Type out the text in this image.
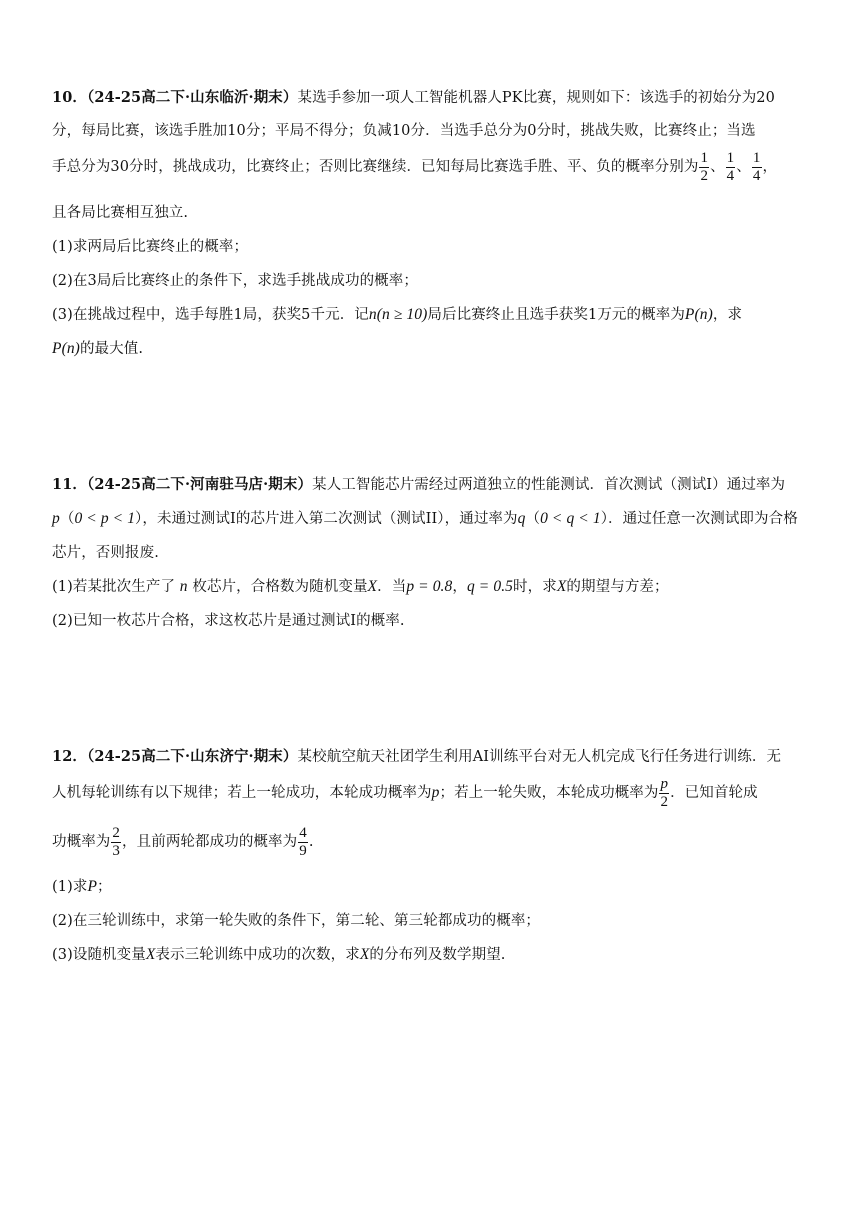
10．（24-25高二下·山东临沂·期末）某选手参加一项人工智能机器人PK比赛，规则如下：该选手的初始分为20
分，每局比赛，该选手胜加10分；平局不得分；负减10分．当选手总分为0分时，挑战失败，比赛终止；当选
手总分为30分时，挑战成功，比赛终止；否则比赛继续．已知每局比赛选手胜、平、负的概率分别为 $\frac{1}{2}$ 、 $\frac{1}{4}$ 、 $\frac{1}{4}$ ，
且各局比赛相互独立.
(1)求两局后比赛终止的概率；
(2)在3局后比赛终止的条件下，求选手挑战成功的概率；
(3)在挑战过程中，选手每胜1局，获奖5千元．记n(n ≥ 10)局后比赛终止且选手获奖1万元的概率为P(n)，求
P(n)的最大值.
11．（24-25高二下·河南驻马店·期末）某人工智能芯片需经过两道独立的性能测试．首次测试（测试I）通过率为
p（0 < p < 1），未通过测试I的芯片进入第二次测试（测试II），通过率为q（0 < q < 1）．通过任意一次测试即为合格
芯片，否则报废.
(1)若某批次生产了 n 枚芯片，合格数为随机变量X．当p = 0.8，q = 0.5时，求X的期望与方差；
(2)已知一枚芯片合格，求这枚芯片是通过测试I的概率.
12．（24-25高二下·山东济宁·期末）某校航空航天社团学生利用AI训练平台对无人机完成飞行任务进行训练．无
人机每轮训练有以下规律；若上一轮成功，本轮成功概率为 p ；若上一轮失败，本轮成功概率为 $\frac{p}{2}$ ．已知首轮成
功概率为 $\frac{2}{3}$ ，且前两轮都成功的概率为 $\frac{4}{9}$ .
(1)求P；
(2)在三轮训练中，求第一轮失败的条件下，第二轮、第三轮都成功的概率；
(3)设随机变量X表示三轮训练中成功的次数，求X的分布列及数学期望.
